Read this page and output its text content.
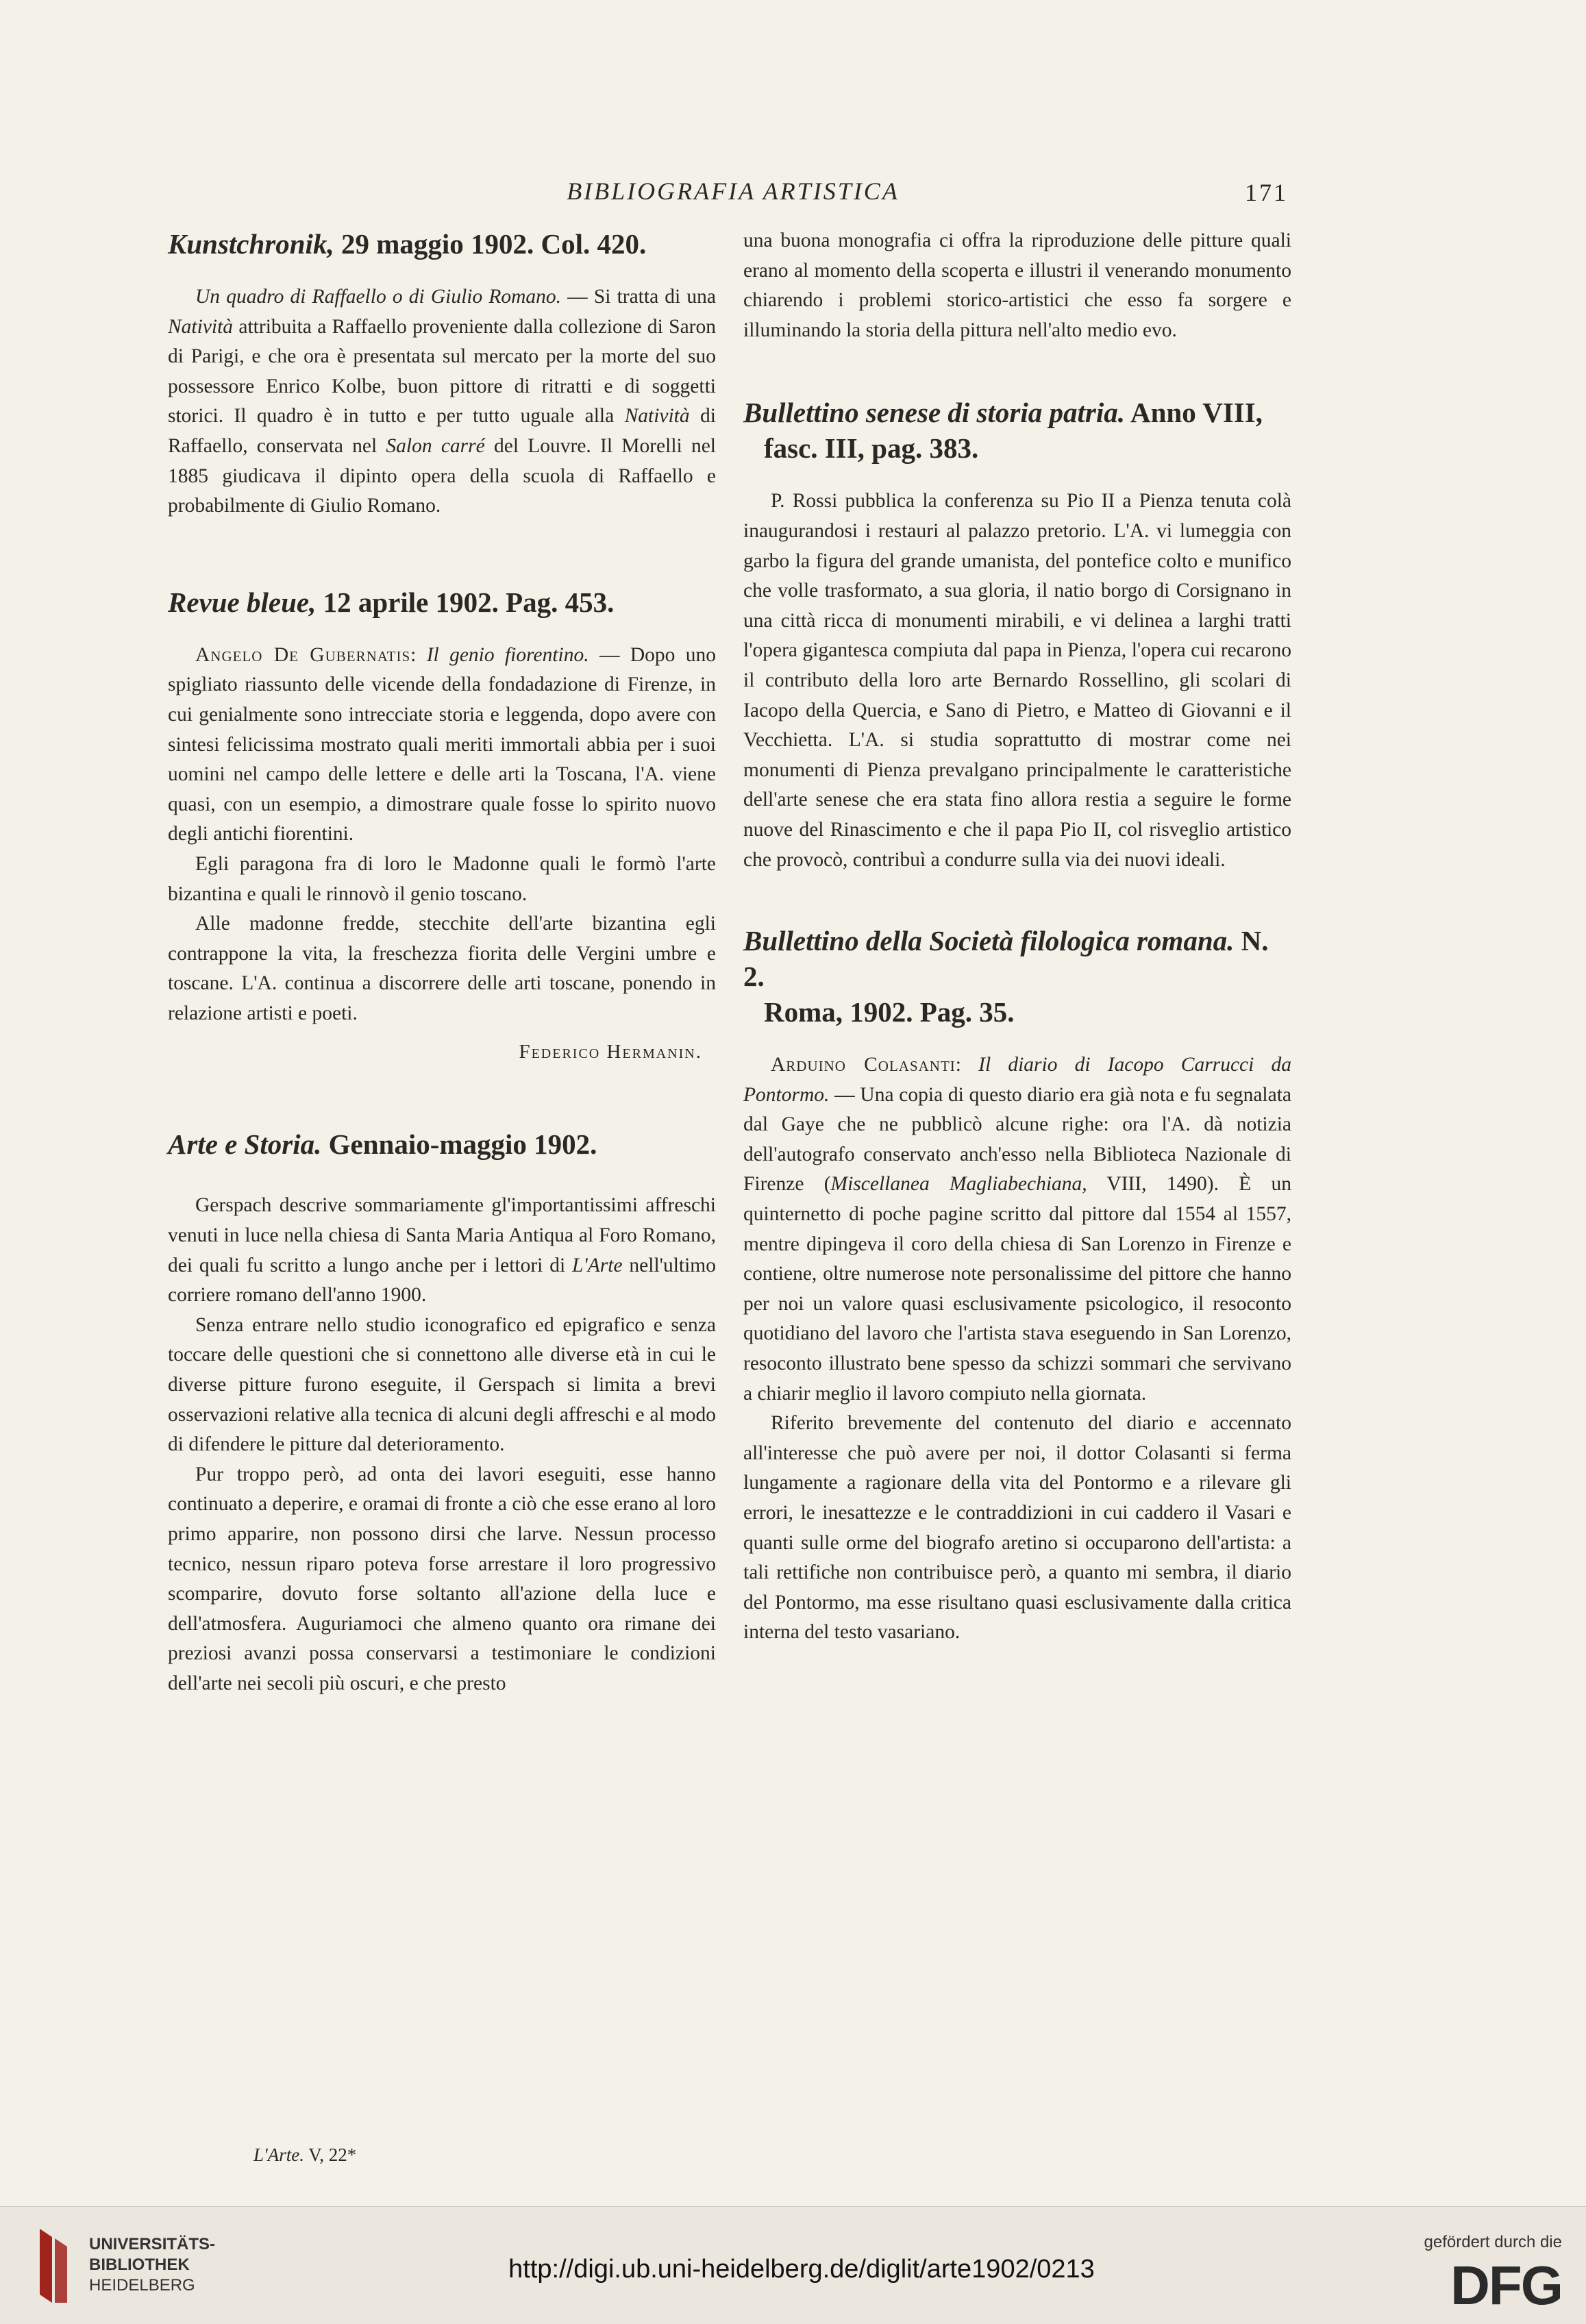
BIBLIOGRAFIA ARTISTICA	171
Kunstchronik, 29 maggio 1902. Col. 420.

Un quadro di Raffaello o di Giulio Romano. — Si tratta di una Natività attribuita a Raffaello proveniente dalla collezione di Saron di Parigi, e che ora è presentata sul mercato per la morte del suo possessore Enrico Kolbe, buon pittore di ritratti e di soggetti storici. Il quadro è in tutto e per tutto uguale alla Natività di Raffaello, conservata nel Salon carré del Louvre. Il Morelli nel 1885 giudicava il dipinto opera della scuola di Raffaello e probabilmente di Giulio Romano.

Revue bleue, 12 aprile 1902. Pag. 453.

Angelo De Gubernatis: Il genio fiorentino. — Dopo uno spigliato riassunto delle vicende della fondadazione di Firenze, in cui genialmente sono intrecciate storia e leggenda, dopo avere con sintesi felicissima mostrato quali meriti immortali abbia per i suoi uomini nel campo delle lettere e delle arti la Toscana, l'A. viene quasi, con un esempio, a dimostrare quale fosse lo spirito nuovo degli antichi fiorentini.

Egli paragona fra di loro le Madonne quali le formò l'arte bizantina e quali le rinnovò il genio toscano.

Alle madonne fredde, stecchite dell'arte bizantina egli contrappone la vita, la freschezza fiorita delle Vergini umbre e toscane. L'A. continua a discorrere delle arti toscane, ponendo in relazione artisti e poeti.

Federico Hermanin.
Arte e Storia. Gennaio-maggio 1902.

Gerspach descrive sommariamente gl'importantissimi affreschi venuti in luce nella chiesa di Santa Maria Antiqua al Foro Romano, dei quali fu scritto a lungo anche per i lettori di L'Arte nell'ultimo corriere romano dell'anno 1900.

Senza entrare nello studio iconografico ed epigrafico e senza toccare delle questioni che si connettono alle diverse età in cui le diverse pitture furono eseguite, il Gerspach si limita a brevi osservazioni relative alla tecnica di alcuni degli affreschi e al modo di difendere le pitture dal deterioramento.

Pur troppo però, ad onta dei lavori eseguiti, esse hanno continuato a deperire, e oramai di fronte a ciò che esse erano al loro primo apparire, non possono dirsi che larve. Nessun processo tecnico, nessun riparo poteva forse arrestare il loro progressivo scomparire, dovuto forse soltanto all'azione della luce e dell'atmosfera. Auguriamoci che almeno quanto ora rimane dei preziosi avanzi possa conservarsi a testimoniare le condizioni dell'arte nei secoli più oscuri, e che presto

una buona monografia ci offra la riproduzione delle pitture quali erano al momento della scoperta e illustri il venerando monumento chiarendo i problemi storico-artistici che esso fa sorgere e illuminando la storia della pittura nell'alto medio evo.

Bullettino senese di storia patria. Anno VIII,
fasc. III, pag. 383.

P. Rossi pubblica la conferenza su Pio II a Pienza tenuta colà inaugurandosi i restauri al palazzo pretorio. L'A. vi lumeggia con garbo la figura del grande umanista, del pontefice colto e munifico che volle trasformato, a sua gloria, il natio borgo di Corsignano in una città ricca di monumenti mirabili, e vi delinea a larghi tratti l'opera gigantesca compiuta dal papa in Pienza, l'opera cui recarono il contributo della loro arte Bernardo Rossellino, gli scolari di Iacopo della Quercia, e Sano di Pietro, e Matteo di Giovanni e il Vecchietta. L'A. si studia soprattutto di mostrar come nei monumenti di Pienza prevalgano principalmente le caratteristiche dell'arte senese che era stata fino allora restia a seguire le forme nuove del Rinascimento e che il papa Pio II, col risveglio artistico che provocò, contribuì a condurre sulla via dei nuovi ideali.

Bullettino della Società filologica romana. N. 2.
Roma, 1902. Pag. 35.

Arduino Colasanti: Il diario di Iacopo Carrucci da Pontormo. — Una copia di questo diario era già nota e fu segnalata dal Gaye che ne pubblicò alcune righe: ora l'A. dà notizia dell'autografo conservato anch'esso nella Biblioteca Nazionale di Firenze (Miscellanea Magliabechiana, VIII, 1490). È un quinternetto di poche pagine scritto dal pittore dal 1554 al 1557, mentre dipingeva il coro della chiesa di San Lorenzo in Firenze e contiene, oltre numerose note personalissime del pittore che hanno per noi un valore quasi esclusivamente psicologico, il resoconto quotidiano del lavoro che l'artista stava eseguendo in San Lorenzo, resoconto illustrato bene spesso da schizzi sommari che servivano a chiarir meglio il lavoro compiuto nella giornata.

Riferito brevemente del contenuto del diario e accennato all'interesse che può avere per noi, il dottor Colasanti si ferma lungamente a ragionare della vita del Pontormo e a rilevare gli errori, le inesattezze e le contraddizioni in cui caddero il Vasari e quanti sulle orme del biografo aretino si occuparono dell'artista: a tali rettifiche non contribuisce però, a quanto mi sembra, il diario del Pontormo, ma esse risultano quasi esclusivamente dalla critica interna del testo vasariano.

L'Arte. V, 22*
UNIVERSITÄTS-
BIBLIOTHEK
HEIDELBERG
http://digi.ub.uni-heidelberg.de/diglit/arte1902/0213
gefördert durch die
DFG
